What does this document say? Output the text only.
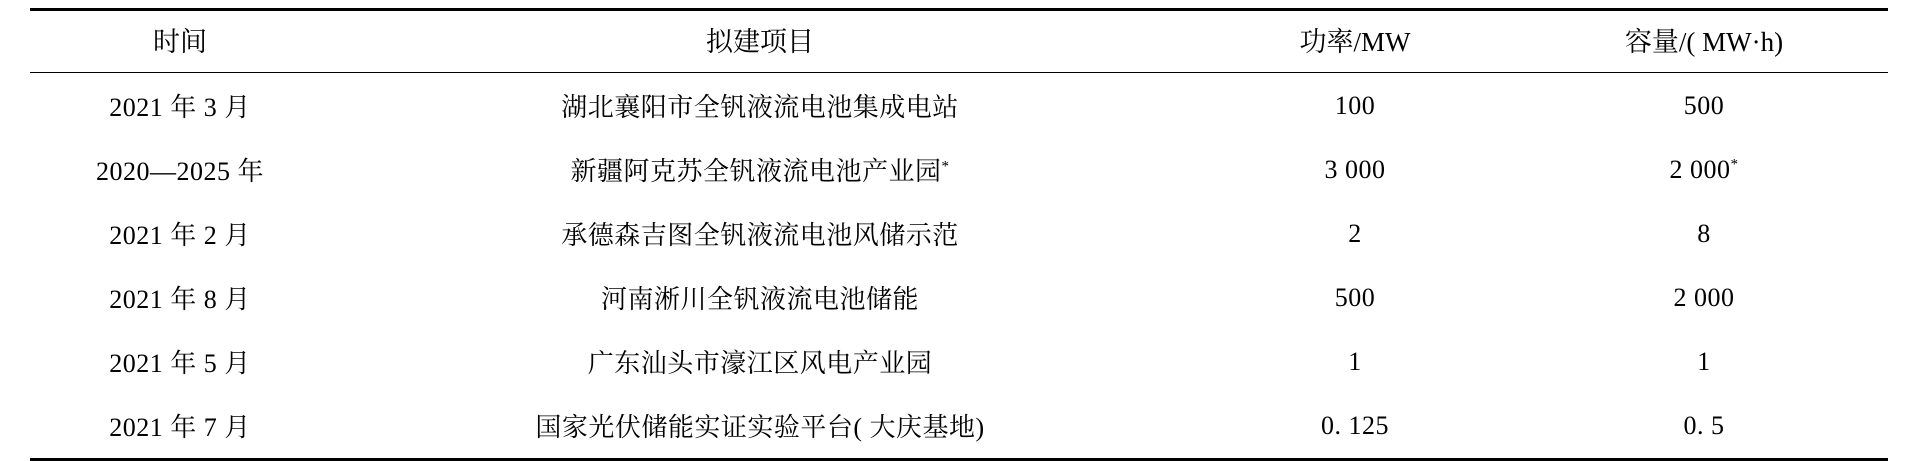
时间	拟建项目	功率/MW	容量/( MW·h)
2021 年 3 月	湖北襄阳市全钒液流电池集成电站	100	500
2020—2025 年	新疆阿克苏全钒液流电池产业园*	3 000	2 000*
2021 年 2 月	承德森吉图全钒液流电池风储示范	2	8
2021 年 8 月	河南淅川全钒液流电池储能	500	2 000
2021 年 5 月	广东汕头市濠江区风电产业园	1	1
2021 年 7 月	国家光伏储能实证实验平台( 大庆基地)	0. 125	0. 5
